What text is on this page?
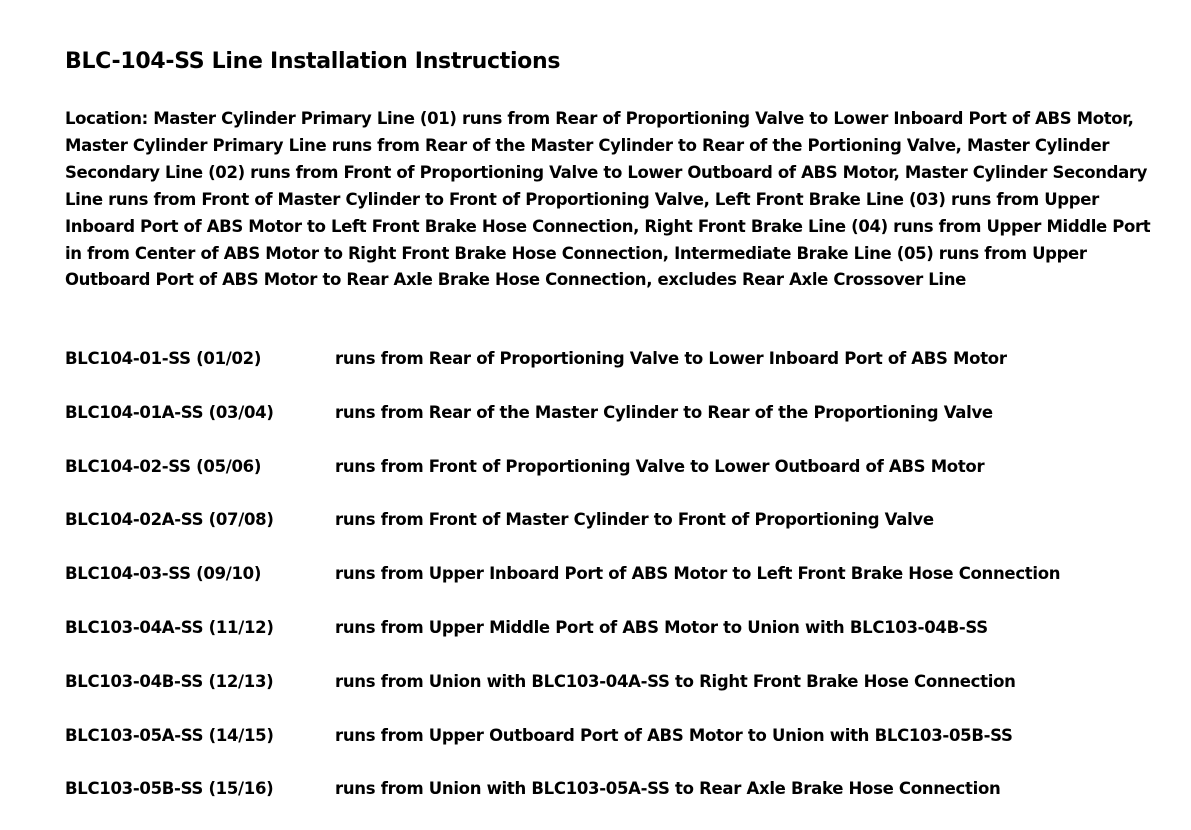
BLC-104-SS Line Installation Instructions
Location: Master Cylinder Primary Line (01) runs from Rear of Proportioning Valve to Lower Inboard Port of ABS Motor, Master Cylinder Primary Line runs from Rear of the Master Cylinder to Rear of the Portioning Valve, Master Cylinder Secondary Line (02) runs from Front of Proportioning Valve to Lower Outboard of ABS Motor, Master Cylinder Secondary Line runs from Front of Master Cylinder to Front of Proportioning Valve, Left Front Brake Line (03) runs from Upper Inboard Port of ABS Motor to Left Front Brake Hose Connection, Right Front Brake Line (04) runs from Upper Middle Port in from Center of ABS Motor to Right Front Brake Hose Connection, Intermediate Brake Line (05) runs from Upper Outboard Port of ABS Motor to Rear Axle Brake Hose Connection, excludes Rear Axle Crossover Line
BLC104-01-SS (01/02)	runs from Rear of Proportioning Valve to Lower Inboard Port of ABS Motor
BLC104-01A-SS (03/04)	runs from Rear of the Master Cylinder to Rear of the Proportioning Valve
BLC104-02-SS (05/06)	runs from Front of Proportioning Valve to Lower Outboard of ABS Motor
BLC104-02A-SS (07/08)	runs from Front of Master Cylinder to Front of Proportioning Valve
BLC104-03-SS (09/10)	runs from Upper Inboard Port of ABS Motor to Left Front Brake Hose Connection
BLC103-04A-SS (11/12)	runs from Upper Middle Port of ABS Motor to Union with BLC103-04B-SS
BLC103-04B-SS (12/13)	runs from Union with BLC103-04A-SS to Right Front Brake Hose Connection
BLC103-05A-SS (14/15)	runs from Upper Outboard Port of ABS Motor to Union with BLC103-05B-SS
BLC103-05B-SS (15/16)	runs from Union with BLC103-05A-SS to Rear Axle Brake Hose Connection
